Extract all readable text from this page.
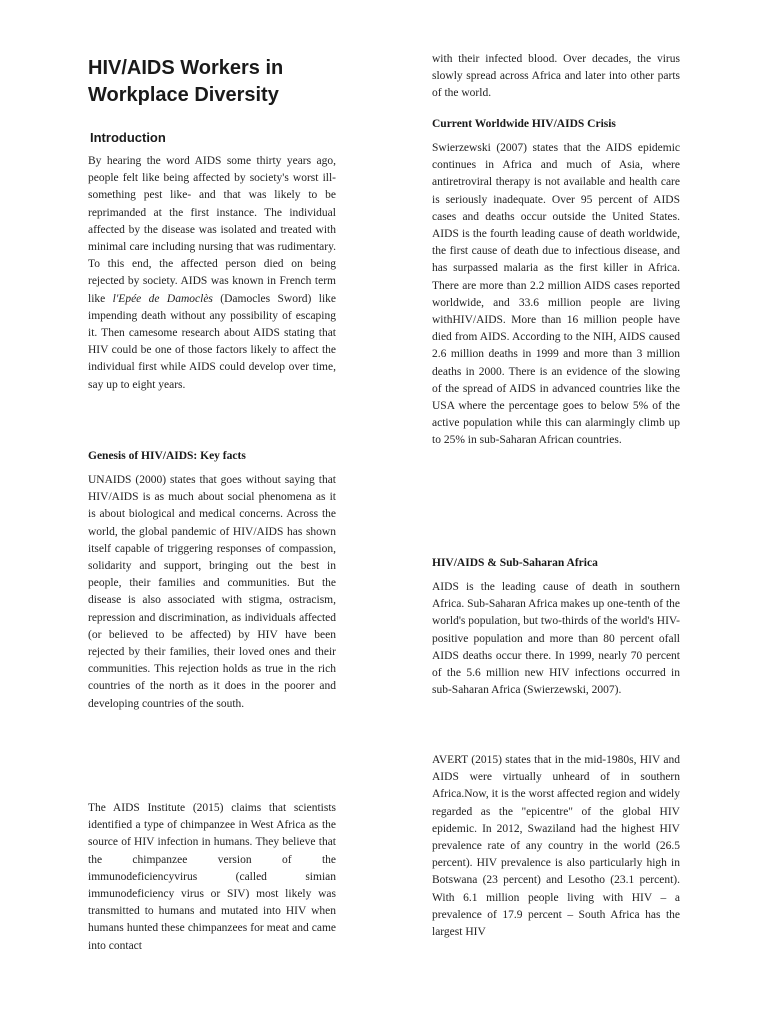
HIV/AIDS Workers in Workplace Diversity
Introduction

By hearing the word AIDS some thirty years ago, people felt like being affected by society's worst ill- something pest like- and that was likely to be reprimanded at the first instance. The individual affected by the disease was isolated and treated with minimal care including nursing that was rudimentary. To this end, the affected person died on being rejected by society. AIDS was known in French term like l'Epée de Damoclès (Damocles Sword) like impending death without any possibility of escaping it. Then camesome research about AIDS stating that HIV could be one of those factors likely to affect the individual first while AIDS could develop over time, say up to eight years.

Genesis of HIV/AIDS: Key facts

UNAIDS (2000) states that goes without saying that HIV/AIDS is as much about social phenomena as it is about biological and medical concerns. Across the world, the global pandemic of HIV/AIDS has shown itself capable of triggering responses of compassion, solidarity and support, bringing out the best in people, their families and communities. But the disease is also associated with stigma, ostracism, repression and discrimination, as individuals affected (or believed to be affected) by HIV have been rejected by their families, their loved ones and their communities. This rejection holds as true in the rich countries of the north as it does in the poorer and developing countries of the south.

The AIDS Institute (2015) claims that scientists identified a type of chimpanzee in West Africa as the source of HIV infection in humans. They believe that the chimpanzee version of the immunodeficiencyvirus (called simian immunodeficiency virus or SIV) most likely was transmitted to humans and mutated into HIV when humans hunted these chimpanzees for meat and came into contact

with their infected blood. Over decades, the virus slowly spread across Africa and later into other parts of the world.

Current Worldwide HIV/AIDS Crisis

Swierzewski (2007) states that the AIDS epidemic continues in Africa and much of Asia, where antiretroviral therapy is not available and health care is seriously inadequate. Over 95 percent of AIDS cases and deaths occur outside the United States. AIDS is the fourth leading cause of death worldwide, the first cause of death due to infectious disease, and has surpassed malaria as the first killer in Africa. There are more than 2.2 million AIDS cases reported worldwide, and 33.6 million people are living withHIV/AIDS. More than 16 million people have died from AIDS. According to the NIH, AIDS caused 2.6 million deaths in 1999 and more than 3 million deaths in 2000. There is an evidence of the slowing of the spread of AIDS in advanced countries like the USA where the percentage goes to below 5% of the active population while this can alarmingly climb up to 25% in sub-Saharan African countries.

HIV/AIDS & Sub-Saharan Africa

AIDS is the leading cause of death in southern Africa. Sub-Saharan Africa makes up one-tenth of the world's population, but two-thirds of the world's HIV-positive population and more than 80 percent ofall AIDS deaths occur there. In 1999, nearly 70 percent of the 5.6 million new HIV infections occurred in sub-Saharan Africa (Swierzewski, 2007).

AVERT (2015) states that in the mid-1980s, HIV and AIDS were virtually unheard of in southern Africa.Now, it is the worst affected region and widely regarded as the "epicentre" of the global HIV epidemic. In 2012, Swaziland had the highest HIV prevalence rate of any country in the world (26.5 percent). HIV prevalence is also particularly high in Botswana (23 percent) and Lesotho (23.1 percent). With 6.1 million people living with HIV – a prevalence of 17.9 percent – South Africa has the largest HIV
